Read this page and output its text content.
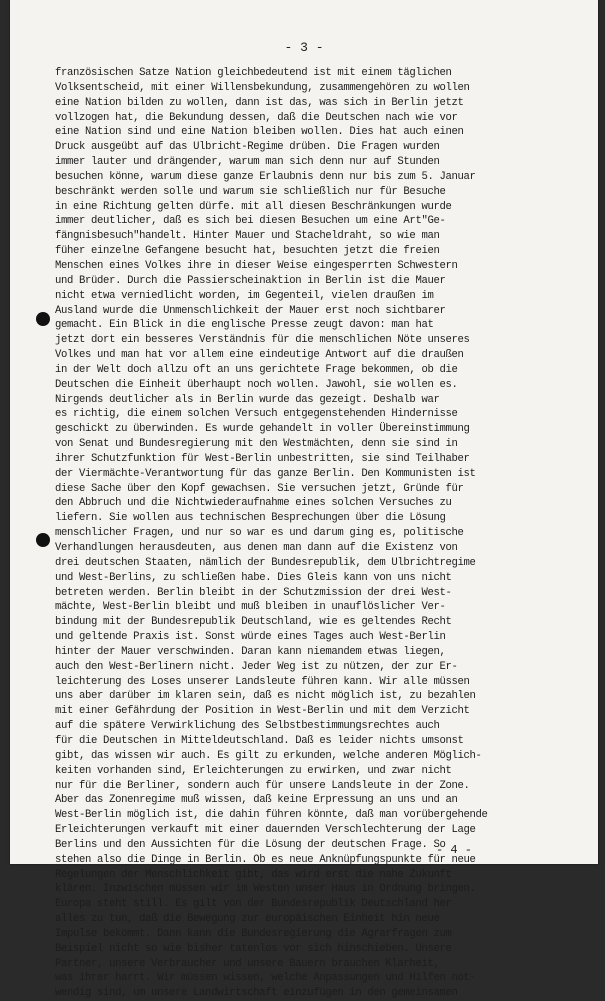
- 3 -
französischen Satze Nation gleichbedeutend ist mit einem täglichen
Volksentscheid, mit einer Willensbekundung, zusammengehören zu wollen
eine Nation bilden zu wollen, dann ist das, was sich in Berlin jetzt
vollzogen hat, die Bekundung dessen, daß die Deutschen nach wie vor
eine Nation sind und eine Nation bleiben wollen. Dies hat auch einen
Druck ausgeübt auf das Ulbricht-Regime drüben. Die Fragen wurden
immer lauter und drängender, warum man sich denn nur auf Stunden
besuchen könne, warum diese ganze Erlaubnis denn nur bis zum 5. Januar
beschränkt werden solle und warum sie schließlich nur für Besuche
in eine Richtung gelten dürfe. mit all diesen Beschränkungen wurde
immer deutlicher, daß es sich bei diesen Besuchen um eine Art"Ge-
fängnisbesuch"handelt. Hinter Mauer und Stacheldraht, so wie man
füher einzelne Gefangene besucht hat, besuchten jetzt die freien
Menschen eines Volkes ihre in dieser Weise eingesperrten Schwestern
und Brüder. Durch die Passierscheinaktion in Berlin ist die Mauer
nicht etwa verniedlicht worden, im Gegenteil, vielen draußen im
Ausland wurde die Unmenschlichkeit der Mauer erst noch sichtbarer
gemacht. Ein Blick in die englische Presse zeugt davon: man hat
jetzt dort ein besseres Verständnis für die menschlichen Nöte unseres
Volkes und man hat vor allem eine eindeutige Antwort auf die draußen
in der Welt doch allzu oft an uns gerichtete Frage bekommen, ob die
Deutschen die Einheit überhaupt noch wollen. Jawohl, sie wollen es.
Nirgends deutlicher als in Berlin wurde das gezeigt. Deshalb war
es richtig, die einem solchen Versuch entgegenstehenden Hindernisse
geschickt zu überwinden. Es wurde gehandelt in voller Übereinstimmung
von Senat und Bundesregierung mit den Westmächten, denn sie sind in
ihrer Schutzfunktion für West-Berlin unbestritten, sie sind Teilhaber
der Viermächte-Verantwortung für das ganze Berlin. Den Kommunisten ist
diese Sache über den Kopf gewachsen. Sie versuchen jetzt, Gründe für
den Abbruch und die Nichtwiederaufnahme eines solchen Versuches zu
liefern. Sie wollen aus technischen Besprechungen über die Lösung
menschlicher Fragen, und nur so war es und darum ging es, politische
Verhandlungen herausdeuten, aus denen man dann auf die Existenz von
drei deutschen Staaten, nämlich der Bundesrepublik, dem Ulbrichtregime
und West-Berlins, zu schließen habe. Dies Gleis kann von uns nicht
betreten werden. Berlin bleibt in der Schutzmission der drei West-
mächte, West-Berlin bleibt und muß bleiben in unauflöslicher Ver-
bindung mit der Bundesrepublik Deutschland, wie es geltendes Recht
und geltende Praxis ist. Sonst würde eines Tages auch West-Berlin
hinter der Mauer verschwinden. Daran kann niemandem etwas liegen,
auch den West-Berlinern nicht. Jeder Weg ist zu nützen, der zur Er-
leichterung des Loses unserer Landsleute führen kann. Wir alle müssen
uns aber darüber im klaren sein, daß es nicht möglich ist, zu bezahlen
mit einer Gefährdung der Position in West-Berlin und mit dem Verzicht
auf die spätere Verwirklichung des Selbstbestimmungsrechtes auch
für die Deutschen in Mitteldeutschland. Daß es leider nichts umsonst
gibt, das wissen wir auch. Es gilt zu erkunden, welche anderen Möglich-
keiten vorhanden sind, Erleichterungen zu erwirken, und zwar nicht
nur für die Berliner, sondern auch für unsere Landsleute in der Zone.
Aber das Zonenregime muß wissen, daß keine Erpressung an uns und an
West-Berlin möglich ist, die dahin führen könnte, daß man vorübergehende
Erleichterungen verkauft mit einer dauernden Verschlechterung der Lage
Berlins und den Aussichten für die Lösung der deutschen Frage. So
stehen also die Dinge in Berlin. Ob es neue Anknüpfungspunkte für neue
Regelungen der Menschlichkeit gibt, das wird erst die nahe Zukunft
klären. Inzwischen müssen wir im Westen unser Haus in Ordnung bringen.
Europa steht still. Es gilt von der Bundesrepublik Deutschland her
alles zu tun, daß die Bewegung zur europäischen Einheit hin neue
Impulse bekommt. Dann kann die Bundesregierung die Agrarfragen zum
Beispiel nicht so wie bisher tatenlos vor sich hinschieben. Unsere
Partner, unsere Verbraucher und unsere Bauern brauchen Klarheit,
was ihrer harrt. Wir müssen wissen, welche Anpassungen und Hilfen not-
wendig sind, um unsere Landwirtschaft einzufügen in den gemeinsamen
- 4 -
